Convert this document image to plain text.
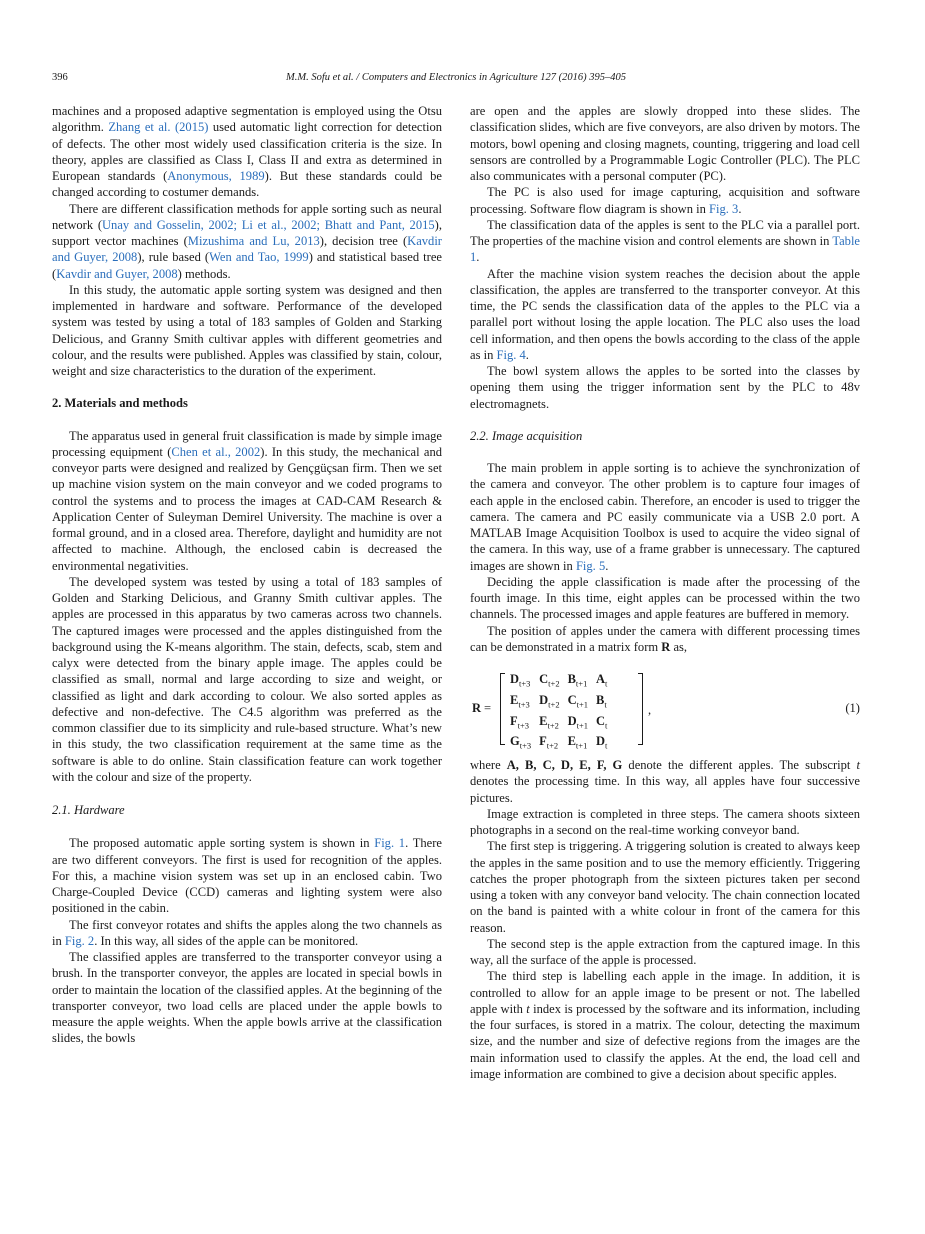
396	M.M. Sofu et al. / Computers and Electronics in Agriculture 127 (2016) 395–405

machines and a proposed adaptive segmentation is employed using the Otsu algorithm. Zhang et al. (2015) used automatic light correction for detection of defects. The other most widely used classification criteria is the size. In theory, apples are classified as Class I, Class II and extra as determined in European standards (Anonymous, 1989). But these standards could be changed according to costumer demands.

There are different classification methods for apple sorting such as neural network (Unay and Gosselin, 2002; Li et al., 2002; Bhatt and Pant, 2015), support vector machines (Mizushima and Lu, 2013), decision tree (Kavdir and Guyer, 2008), rule based (Wen and Tao, 1999) and statistical based tree (Kavdir and Guyer, 2008) methods.

In this study, the automatic apple sorting system was designed and then implemented in hardware and software. Performance of the developed system was tested by using a total of 183 samples of Golden and Starking Delicious, and Granny Smith cultivar apples with different geometries and colour, and the results were published. Apples was classified by stain, colour, weight and size characteristics to the duration of the experiment.

2. Materials and methods

The apparatus used in general fruit classification is made by simple image processing equipment (Chen et al., 2002). In this study, the mechanical and conveyor parts were designed and realized by Gençgüçsan firm. Then we set up machine vision system on the main conveyor and we coded programs to control the systems and to process the images at CAD-CAM Research & Application Center of Suleyman Demirel University. The machine is over a formal ground, and in a closed area. Therefore, daylight and humidity are not affected to machine. Although, the enclosed cabin is decreased the environmental negativities.

The developed system was tested by using a total of 183 samples of Golden and Starking Delicious, and Granny Smith cultivar apples. The apples are processed in this apparatus by two cameras across two channels. The captured images were processed and the apples distinguished from the background using the K-means algorithm. The stain, defects, scab, stem and calyx were detected from the binary apple image. The apples could be classified as small, normal and large according to size and weight, or classified as light and dark according to colour. We also sorted apples as defective and non-defective. The C4.5 algorithm was preferred as the common classifier due to its simplicity and rule-based structure. What’s new in this study, the two classification requirement at the same time as the software is able to do online. Stain classification feature can work together with the colour and size of the property.

2.1. Hardware

The proposed automatic apple sorting system is shown in Fig. 1. There are two different conveyors. The first is used for recognition of the apples. For this, a machine vision system was set up in an enclosed cabin. Two Charge-Coupled Device (CCD) cameras and lighting system were also positioned in the cabin.

The first conveyor rotates and shifts the apples along the two channels as in Fig. 2. In this way, all sides of the apple can be monitored.

The classified apples are transferred to the transporter conveyor using a brush. In the transporter conveyor, the apples are located in special bowls in order to maintain the location of the classified apples. At the beginning of the transporter conveyor, two load cells are placed under the apple bowls to measure the apple weights. When the apple bowls arrive at the classification slides, the bowls

are open and the apples are slowly dropped into these slides. The classification slides, which are five conveyors, are also driven by motors. The motors, bowl opening and closing magnets, counting, triggering and load cell sensors are controlled by a Programmable Logic Controller (PLC). The PLC also communicates with a personal computer (PC).

The PC is also used for image capturing, acquisition and software processing. Software flow diagram is shown in Fig. 3.

The classification data of the apples is sent to the PLC via a parallel port. The properties of the machine vision and control elements are shown in Table 1.

After the machine vision system reaches the decision about the apple classification, the apples are transferred to the transporter conveyor. At this time, the PC sends the classification data of the apples to the PLC via a parallel port without losing the apple location. The PLC also uses the load cell information, and then opens the bowls according to the class of the apple as in Fig. 4.

The bowl system allows the apples to be sorted into the classes by opening them using the trigger information sent by the PLC to 48v electromagnets.

2.2. Image acquisition

The main problem in apple sorting is to achieve the synchronization of the camera and conveyor. The other problem is to capture four images of each apple in the enclosed cabin. Therefore, an encoder is used to trigger the camera. The camera and PC easily communicate via a USB 2.0 port. A MATLAB Image Acquisition Toolbox is used to acquire the video signal of the camera. In this way, use of a frame grabber is unnecessary. The captured images are shown in Fig. 5.

Deciding the apple classification is made after the processing of the fourth image. In this time, eight apples can be processed within the two channels. The processed images and apple features are buffered in memory.

The position of apples under the camera with different processing times can be demonstrated in a matrix form R as,

R =
$D_{t+3}$	$C_{t+2}$	$B_{t+1}$	$A_t$
$E_{t+3}$	$D_{t+2}$	$C_{t+1}$	$B_t$
$F_{t+3}$	$E_{t+2}$	$D_{t+1}$	$C_t$
$G_{t+3}$	$F_{t+2}$	$E_{t+1}$	$D_t$
,	(1)

where A, B, C, D, E, F, G denote the different apples. The subscript t denotes the processing time. In this way, all apples have four successive pictures.

Image extraction is completed in three steps. The camera shoots sixteen photographs in a second on the real-time working conveyor band.

The first step is triggering. A triggering solution is created to always keep the apples in the same position and to use the memory efficiently. Triggering catches the proper photograph from the sixteen pictures taken per second using a token with any conveyor band velocity. The chain connection located on the band is painted with a white colour in front of the camera for this reason.

The second step is the apple extraction from the captured image. In this way, all the surface of the apple is processed.

The third step is labelling each apple in the image. In addition, it is controlled to allow for an apple image to be present or not. The labelled apple with t index is processed by the software and its information, including the four surfaces, is stored in a matrix. The colour, detecting the maximum size, and the number and size of defective regions from the images are the main information used to classify the apples. At the end, the load cell and image information are combined to give a decision about specific apples.
